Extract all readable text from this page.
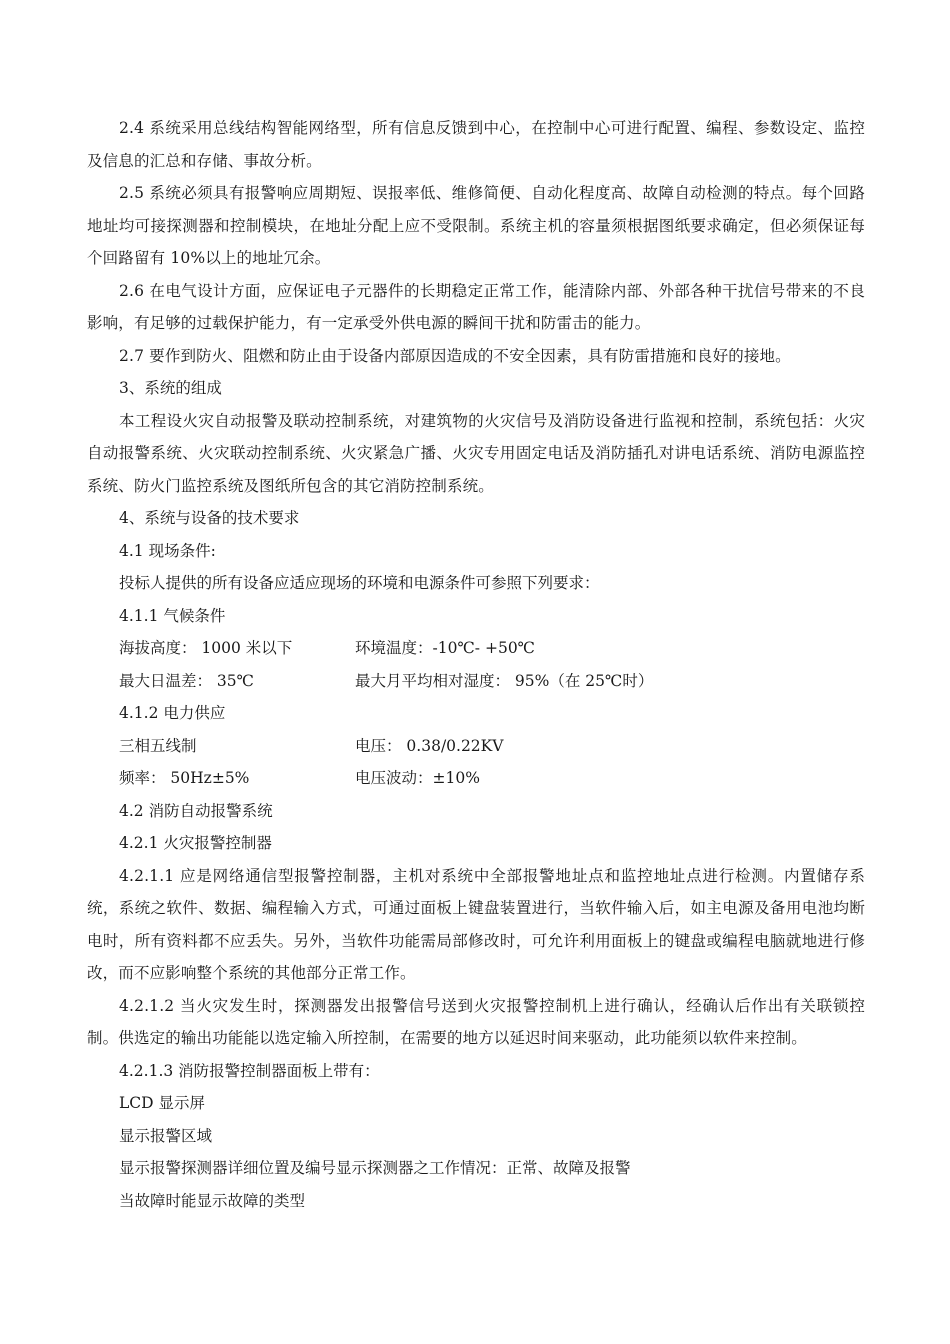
2.4 系统采用总线结构智能网络型，所有信息反馈到中心，在控制中心可进行配置、编程、参数设定、监控及信息的汇总和存储、事故分析。

2.5 系统必须具有报警响应周期短、误报率低、维修简便、自动化程度高、故障自动检测的特点。每个回路地址均可接探测器和控制模块，在地址分配上应不受限制。系统主机的容量须根据图纸要求确定，但必须保证每个回路留有 10%以上的地址冗余。

2.6 在电气设计方面，应保证电子元器件的长期稳定正常工作，能清除内部、外部各种干扰信号带来的不良影响，有足够的过载保护能力，有一定承受外供电源的瞬间干扰和防雷击的能力。

2.7 要作到防火、阻燃和防止由于设备内部原因造成的不安全因素，具有防雷措施和良好的接地。

3、系统的组成

本工程设火灾自动报警及联动控制系统，对建筑物的火灾信号及消防设备进行监视和控制，系统包括：火灾自动报警系统、火灾联动控制系统、火灾紧急广播、火灾专用固定电话及消防插孔对讲电话系统、消防电源监控系统、防火门监控系统及图纸所包含的其它消防控制系统。

4、系统与设备的技术要求

4.1 现场条件:

投标人提供的所有设备应适应现场的环境和电源条件可参照下列要求：

4.1.1 气候条件

海拔高度： 1000 米以下	环境温度：-10℃- +50℃
最大日温差： 35℃	最大月平均相对湿度： 95%（在 25℃时）

4.1.2 电力供应

三相五线制	电压： 0.38/0.22KV
频率： 50Hz±5%	电压波动：±10%

4.2 消防自动报警系统

4.2.1 火灾报警控制器

4.2.1.1 应是网络通信型报警控制器，主机对系统中全部报警地址点和监控地址点进行检测。内置储存系统，系统之软件、数据、编程输入方式，可通过面板上键盘装置进行，当软件输入后，如主电源及备用电池均断电时，所有资料都不应丢失。另外，当软件功能需局部修改时，可允许利用面板上的键盘或编程电脑就地进行修改，而不应影响整个系统的其他部分正常工作。

4.2.1.2 当火灾发生时，探测器发出报警信号送到火灾报警控制机上进行确认，经确认后作出有关联锁控制。供选定的输出功能能以选定输入所控制，在需要的地方以延迟时间来驱动，此功能须以软件来控制。

4.2.1.3 消防报警控制器面板上带有：

LCD 显示屏

显示报警区域

显示报警探测器详细位置及编号显示探测器之工作情况：正常、故障及报警

当故障时能显示故障的类型
